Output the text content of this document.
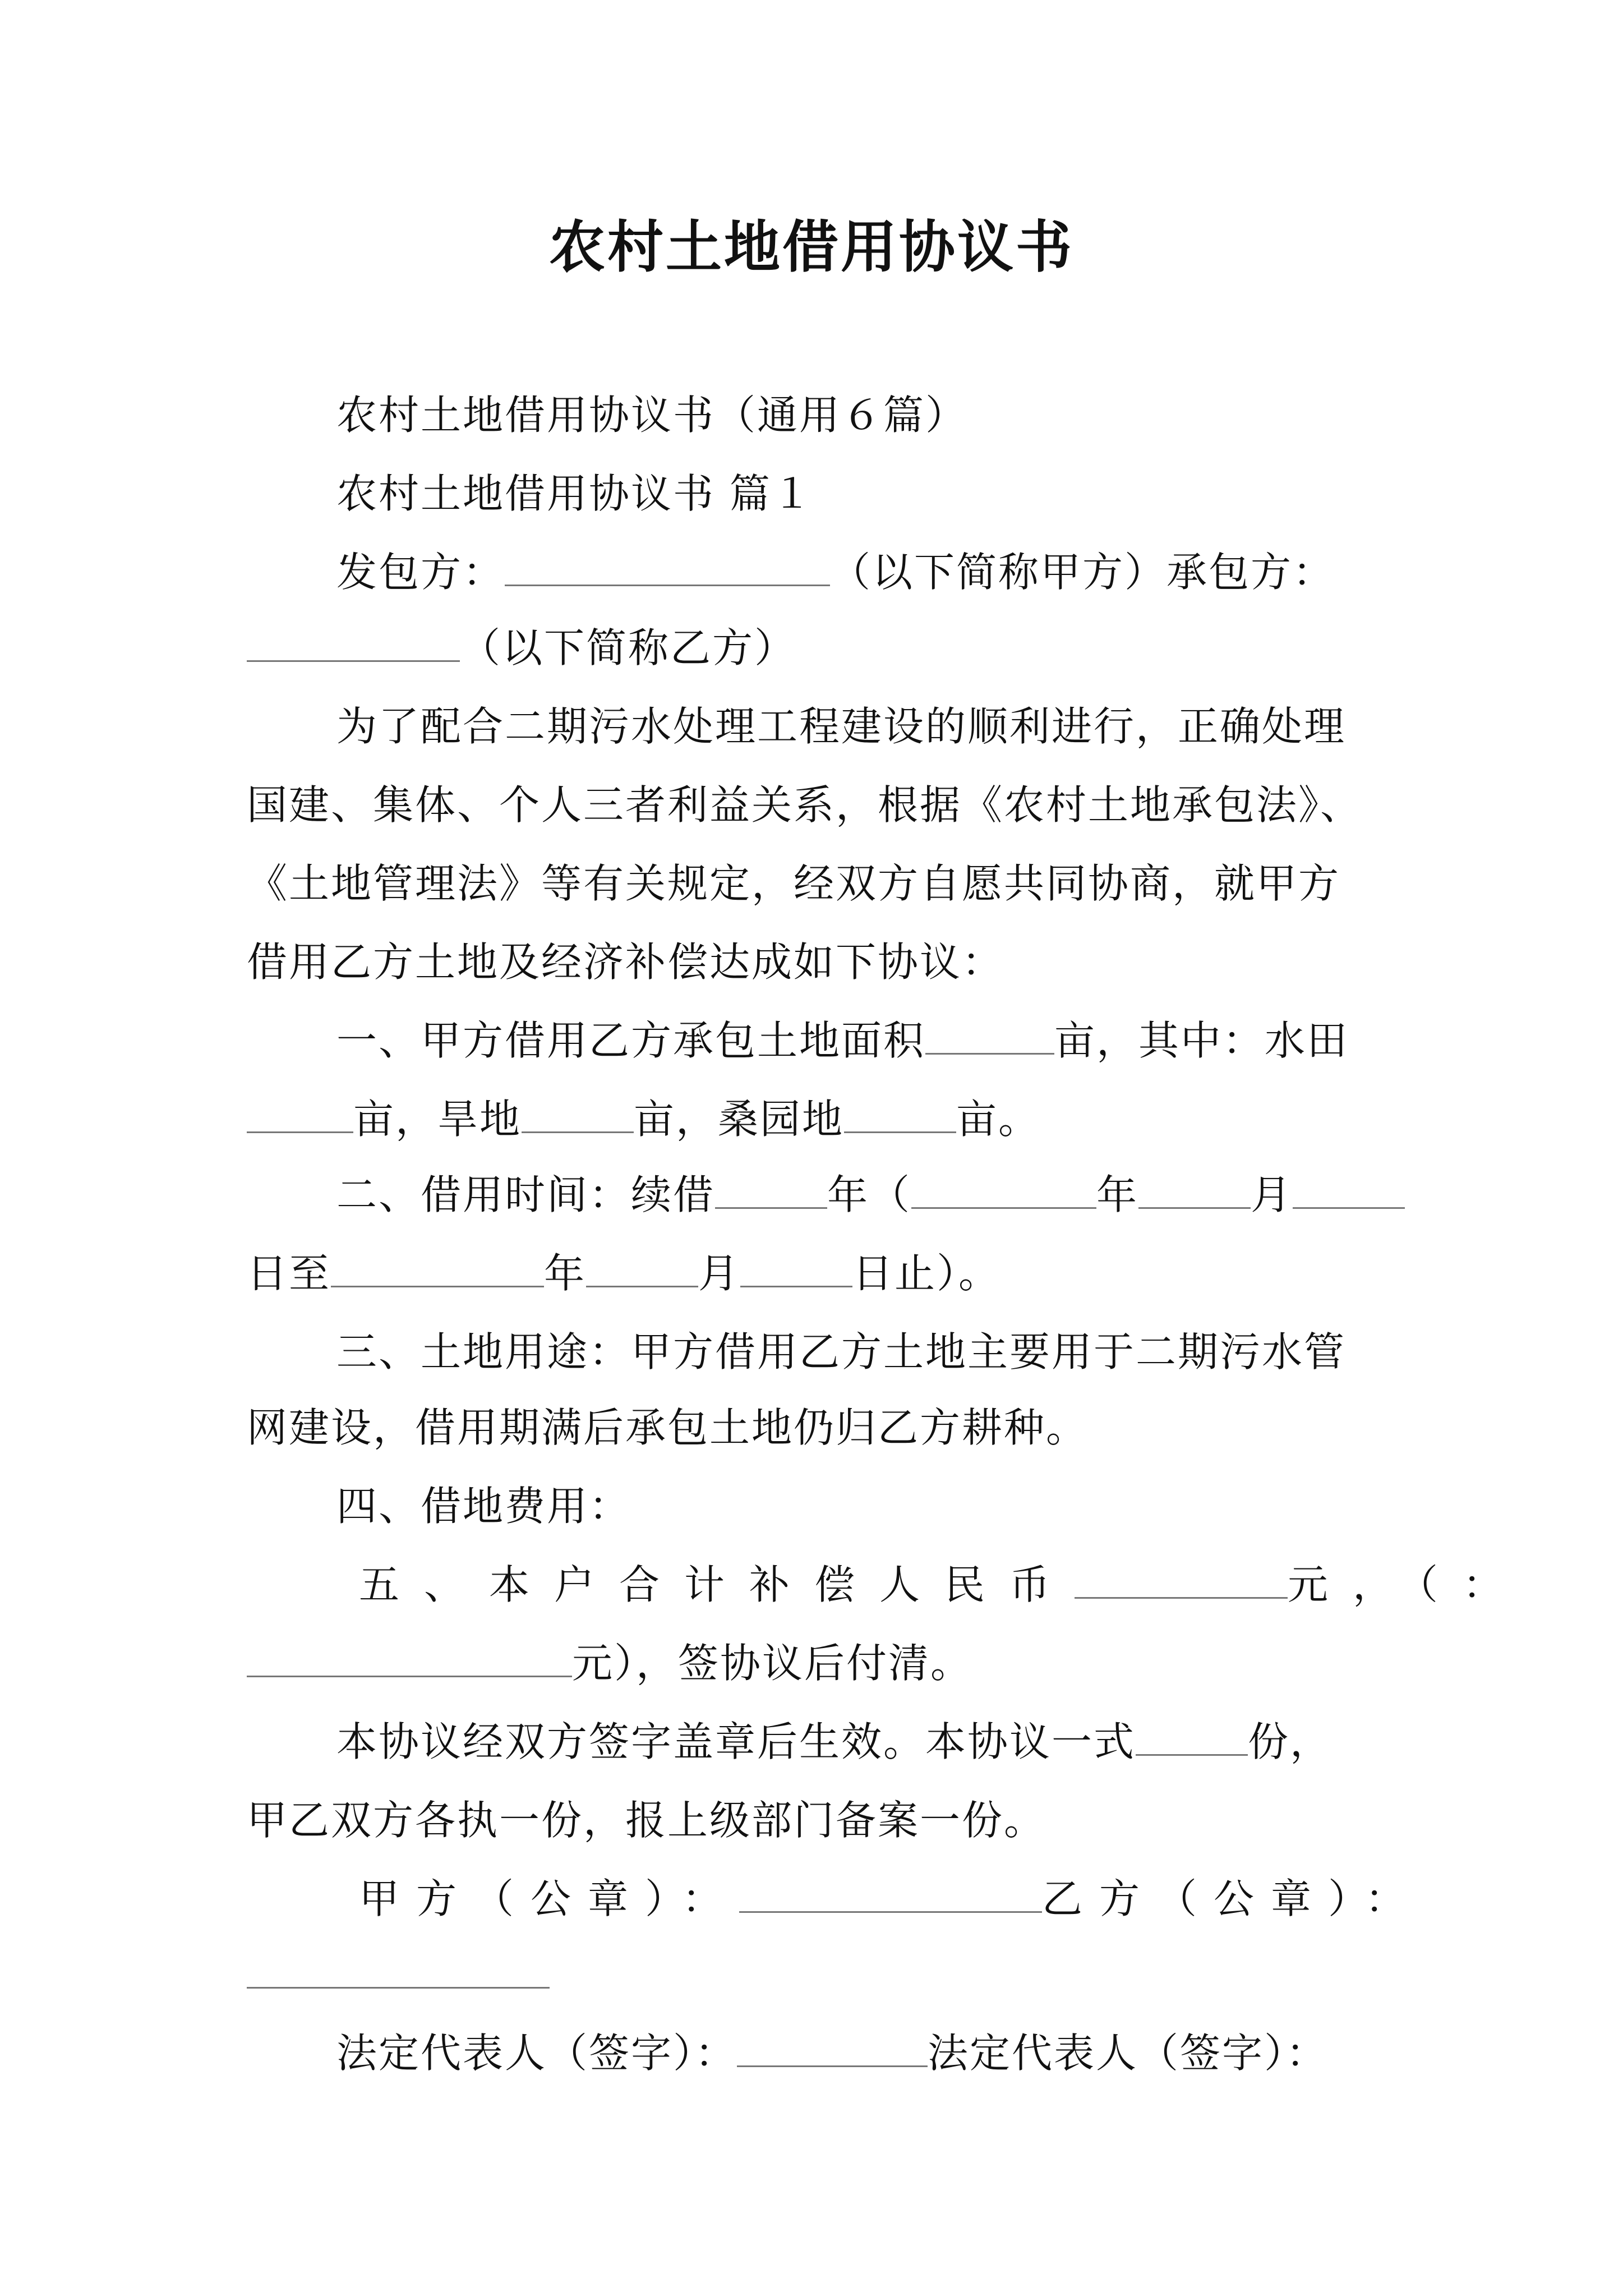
农村土地借用协议书
农村土地借用协议书（通用６篇）
农村土地借用协议书 篇１
发包方：	（以下简称甲方）承包方：
（以下简称乙方）
为了配合二期污水处理工程建设的顺利进行，正确处理
国建、集体、个人三者利益关系，根据《农村土地承包法》、
《土地管理法》等有关规定，经双方自愿共同协商，就甲方
借用乙方土地及经济补偿达成如下协议：
一、甲方借用乙方承包土地面积	亩，其中：水田
亩，旱地	亩，桑园地	亩。
二、借用时间：续借	年（	年	月
日至	年	月	日止）。
三、土地用途：甲方借用乙方土地主要用于二期污水管
网建设，借用期满后承包土地仍归乙方耕种。
四、借地费用：
五、本户合计补偿人民币	元，（：
元），签协议后付清。
本协议经双方签字盖章后生效。本协议一式	份，
甲乙双方各执一份，报上级部门备案一份。
甲方（公章）：	乙方（公章）：
法定代表人（签字）：	法定代表人（签字）：
